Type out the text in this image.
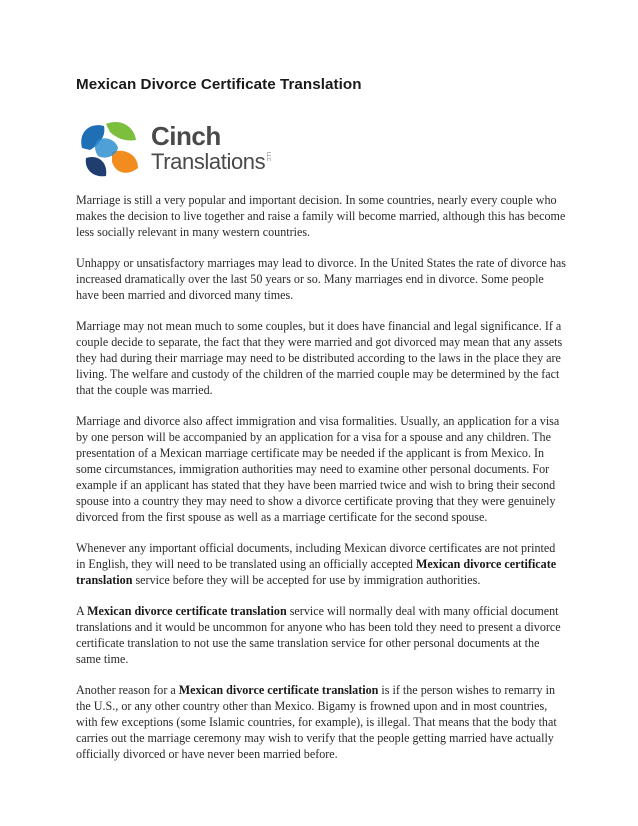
Mexican Divorce Certificate Translation
Cinch
Translations LLC

Marriage is still a very popular and important decision. In some countries, nearly every couple who makes the decision to live together and raise a family will become married, although this has become less socially relevant in many western countries.

Unhappy or unsatisfactory marriages may lead to divorce. In the United States the rate of divorce has increased dramatically over the last 50 years or so. Many marriages end in divorce. Some people have been married and divorced many times.

Marriage may not mean much to some couples, but it does have financial and legal significance. If a couple decide to separate, the fact that they were married and got divorced may mean that any assets they had during their marriage may need to be distributed according to the laws in the place they are living. The welfare and custody of the children of the married couple may be determined by the fact that the couple was married.

Marriage and divorce also affect immigration and visa formalities. Usually, an application for a visa by one person will be accompanied by an application for a visa for a spouse and any children. The presentation of a Mexican marriage certificate may be needed if the applicant is from Mexico. In some circumstances, immigration authorities may need to examine other personal documents. For example if an applicant has stated that they have been married twice and wish to bring their second spouse into a country they may need to show a divorce certificate proving that they were genuinely divorced from the first spouse as well as a marriage certificate for the second spouse.

Whenever any important official documents, including Mexican divorce certificates are not printed in English, they will need to be translated using an officially accepted Mexican divorce certificate translation service before they will be accepted for use by immigration authorities.

A Mexican divorce certificate translation service will normally deal with many official document translations and it would be uncommon for anyone who has been told they need to present a divorce certificate translation to not use the same translation service for other personal documents at the same time.

Another reason for a Mexican divorce certificate translation is if the person wishes to remarry in the U.S., or any other country other than Mexico. Bigamy is frowned upon and in most countries, with few exceptions (some Islamic countries, for example), is illegal. That means that the body that carries out the marriage ceremony may wish to verify that the people getting married have actually officially divorced or have never been married before.
